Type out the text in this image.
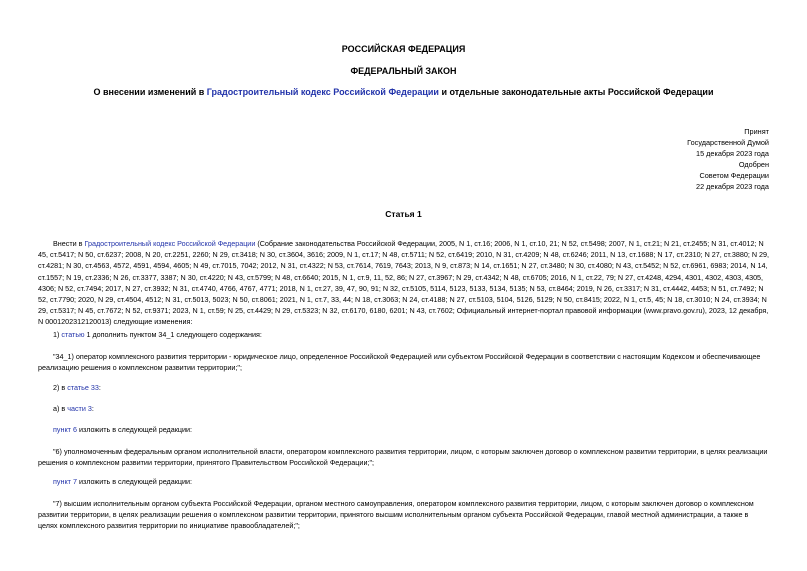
РОССИЙСКАЯ ФЕДЕРАЦИЯ
ФЕДЕРАЛЬНЫЙ ЗАКОН
О внесении изменений в Градостроительный кодекс Российской Федерации и отдельные законодательные акты Российской Федерации
Принят
Государственной Думой
15 декабря 2023 года
Одобрен
Советом Федерации
22 декабря 2023 года
Статья 1

Внести в Градостроительный кодекс Российской Федерации (Собрание законодательства Российской Федерации, 2005, N 1, ст.16; 2006, N 1, ст.10, 21; N 52, ст.5498; 2007, N 1, ст.21; N 21, ст.2455; N 31, ст.4012; N 45, ст.5417; N 50, ст.6237; 2008, N 20, ст.2251, 2260; N 29, ст.3418; N 30, ст.3604, 3616; 2009, N 1, ст.17; N 48, ст.5711; N 52, ст.6419; 2010, N 31, ст.4209; N 48, ст.6246; 2011, N 13, ст.1688; N 17, ст.2310; N 27, ст.3880; N 29, ст.4281; N 30, ст.4563, 4572, 4591, 4594, 4605; N 49, ст.7015, 7042; 2012, N 31, ст.4322; N 53, ст.7614, 7619, 7643; 2013, N 9, ст.873; N 14, ст.1651; N 27, ст.3480; N 30, ст.4080; N 43, ст.5452; N 52, ст.6961, 6983; 2014, N 14, ст.1557; N 19, ст.2336; N 26, ст.3377, 3387; N 30, ст.4220; N 43, ст.5799; N 48, ст.6640; 2015, N 1, ст.9, 11, 52, 86; N 27, ст.3967; N 29, ст.4342; N 48, ст.6705; 2016, N 1, ст.22, 79; N 27, ст.4248, 4294, 4301, 4302, 4303, 4305, 4306; N 52, ст.7494; 2017, N 27, ст.3932; N 31, ст.4740, 4766, 4767, 4771; 2018, N 1, ст.27, 39, 47, 90, 91; N 32, ст.5105, 5114, 5123, 5133, 5134, 5135; N 53, ст.8464; 2019, N 26, ст.3317; N 31, ст.4442, 4453; N 51, ст.7492; N 52, ст.7790; 2020, N 29, ст.4504, 4512; N 31, ст.5013, 5023; N 50, ст.8061; 2021, N 1, ст.7, 33, 44; N 18, ст.3063; N 24, ст.4188; N 27, ст.5103, 5104, 5126, 5129; N 50, ст.8415; 2022, N 1, ст.5, 45; N 18, ст.3010; N 24, ст.3934; N 29, ст.5317; N 45, ст.7672; N 52, ст.9371; 2023, N 1, ст.59; N 25, ст.4429; N 29, ст.5323; N 32, ст.6170, 6180, 6201; N 43, ст.7602; Официальный интернет-портал правовой информации (www.pravo.gov.ru), 2023, 12 декабря, N 0001202312120013) следующие изменения:

1) статью 1 дополнить пунктом 34_1 следующего содержания:

"34_1) оператор комплексного развития территории - юридическое лицо, определенное Российской Федерацией или субъектом Российской Федерации в соответствии с настоящим Кодексом и обеспечивающее реализацию решения о комплексном развитии территории;";

2) в статье 33:
а) в части 3:
пункт 6 изложить в следующей редакции:

"6) уполномоченным федеральным органом исполнительной власти, оператором комплексного развития территории, лицом, с которым заключен договор о комплексном развитии территории, в целях реализации решения о комплексном развитии территории, принятого Правительством Российской Федерации;";

пункт 7 изложить в следующей редакции:

"7) высшим исполнительным органом субъекта Российской Федерации, органом местного самоуправления, оператором комплексного развития территории, лицом, с которым заключен договор о комплексном развитии территории, в целях реализации решения о комплексном развитии территории, принятого высшим исполнительным органом субъекта Российской Федерации, главой местной администрации, а также в целях комплексного развития территории по инициативе правообладателей;";
